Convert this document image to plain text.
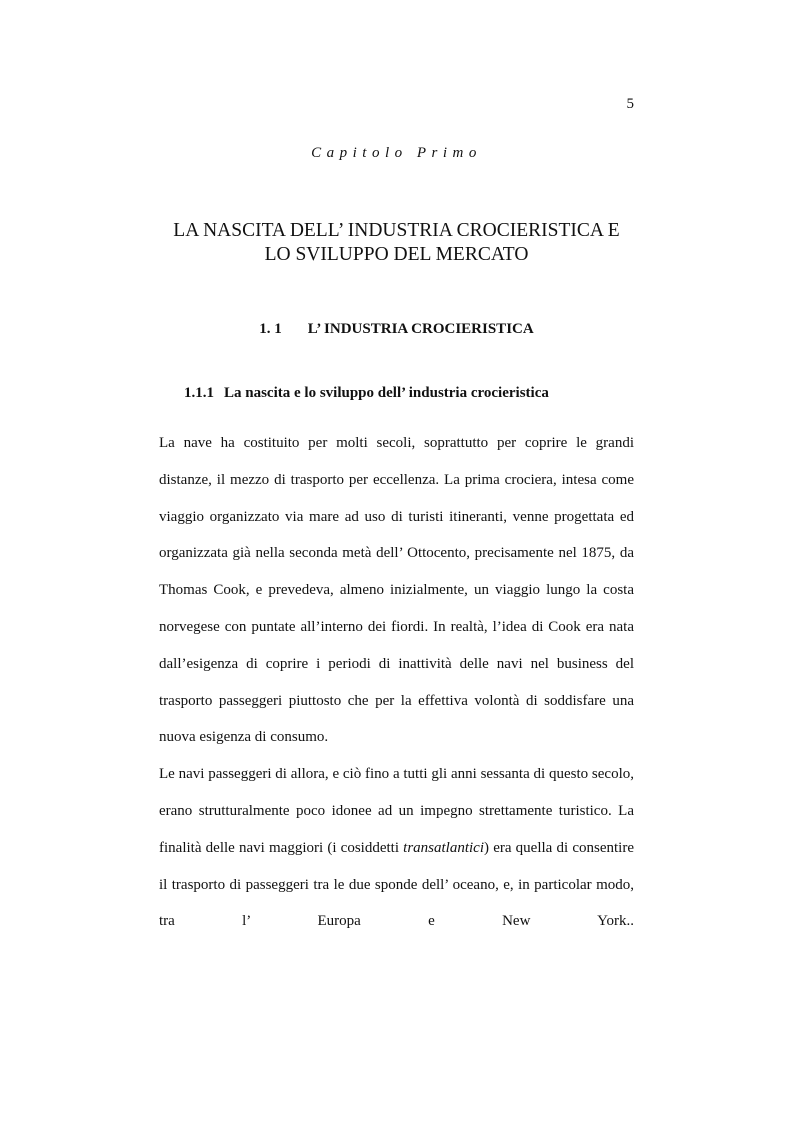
5
Capitolo Primo
LA NASCITA DELL’ INDUSTRIA CROCIERISTICA E
LO SVILUPPO DEL MERCATO
1. 1 L’ INDUSTRIA CROCIERISTICA
1.1.1 La nascita e lo sviluppo dell’ industria crocieristica

La nave ha costituito per molti secoli, soprattutto per coprire le grandi distanze, il mezzo di trasporto per eccellenza. La prima crociera, intesa come viaggio organizzato via mare ad uso di turisti itineranti, venne progettata ed organizzata già nella seconda metà dell’ Ottocento, precisamente nel 1875, da Thomas Cook, e prevedeva, almeno inizialmente, un viaggio lungo la costa norvegese con puntate all’interno dei fiordi. In realtà, l’idea di Cook era nata dall’esigenza di coprire i periodi di inattività delle navi nel business del trasporto passeggeri piuttosto che per la effettiva volontà di soddisfare una nuova esigenza di consumo.

Le navi passeggeri di allora, e ciò fino a tutti gli anni sessanta di questo secolo, erano strutturalmente poco idonee ad un impegno strettamente turistico. La finalità delle navi maggiori (i cosiddetti transatlantici) era quella di consentire il trasporto di passeggeri tra le due sponde dell’ oceano, e, in particolar modo, tra l’ Europa e New York..
